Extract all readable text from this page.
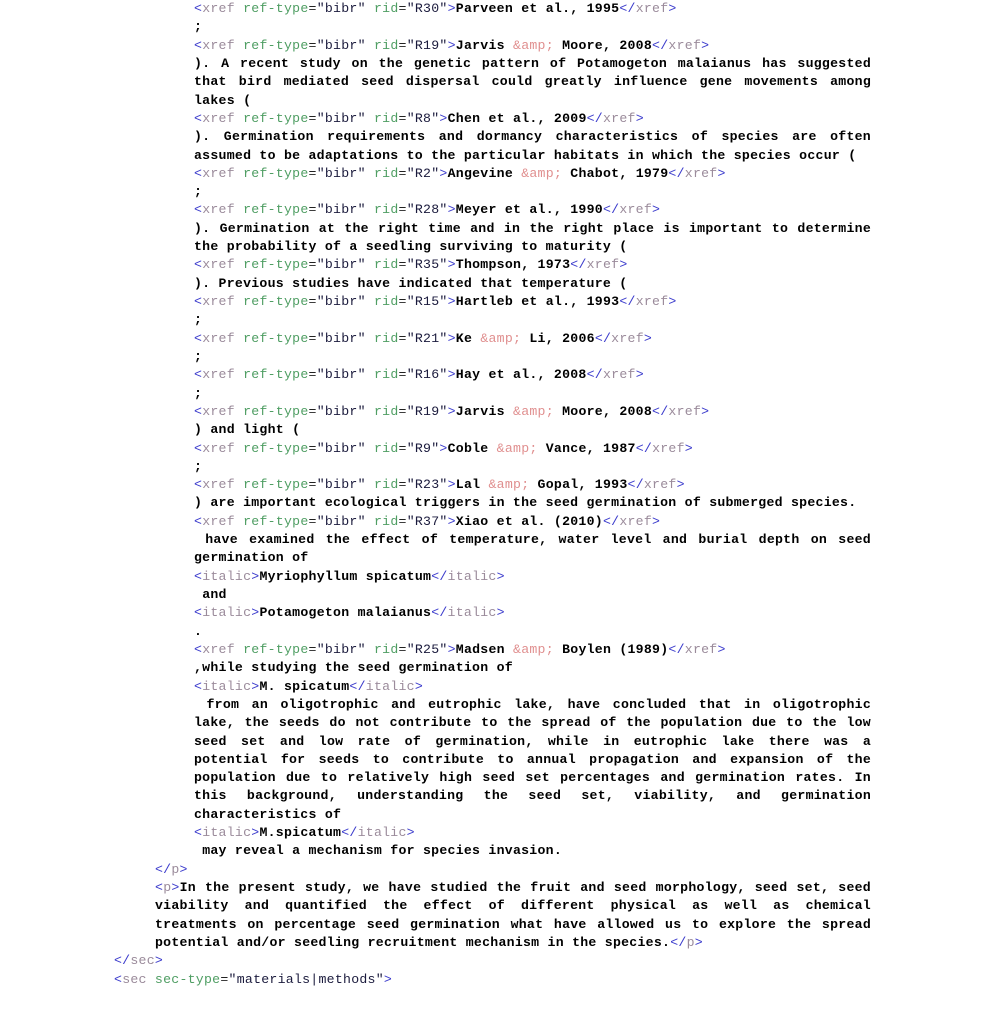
<xref ref-type="bibr" rid="R30">Parveen et al., 1995</xref>
;
<xref ref-type="bibr" rid="R19">Jarvis &amp; Moore, 2008</xref>
). A recent study on the genetic pattern of Potamogeton malaianus has suggested that bird mediated seed dispersal could greatly influence gene movements among lakes (
<xref ref-type="bibr" rid="R8">Chen et al., 2009</xref>
). Germination requirements and dormancy characteristics of species are often assumed to be adaptations to the particular habitats in which the species occur (
<xref ref-type="bibr" rid="R2">Angevine &amp; Chabot, 1979</xref>
;
<xref ref-type="bibr" rid="R28">Meyer et al., 1990</xref>
). Germination at the right time and in the right place is important to determine the probability of a seedling surviving to maturity (
<xref ref-type="bibr" rid="R35">Thompson, 1973</xref>
). Previous studies have indicated that temperature (
<xref ref-type="bibr" rid="R15">Hartleb et al., 1993</xref>
;
<xref ref-type="bibr" rid="R21">Ke &amp; Li, 2006</xref>
;
<xref ref-type="bibr" rid="R16">Hay et al., 2008</xref>
;
<xref ref-type="bibr" rid="R19">Jarvis &amp; Moore, 2008</xref>
) and light (
<xref ref-type="bibr" rid="R9">Coble &amp; Vance, 1987</xref>
;
<xref ref-type="bibr" rid="R23">Lal &amp; Gopal, 1993</xref>
) are important ecological triggers in the seed germination of submerged species.
<xref ref-type="bibr" rid="R37">Xiao et al. (2010)</xref>
have examined the effect of temperature, water level and burial depth on seed germination of
<italic>Myriophyllum spicatum</italic>
and
<italic>Potamogeton malaianus</italic>
.
<xref ref-type="bibr" rid="R25">Madsen &amp; Boylen (1989)</xref>
,while studying the seed germination of
<italic>M. spicatum</italic>
from an oligotrophic and eutrophic lake, have concluded that in oligotrophic lake, the seeds do not contribute to the spread of the population due to the low seed set and low rate of germination, while in eutrophic lake there was a potential for seeds to contribute to annual propagation and expansion of the population due to relatively high seed set percentages and germination rates. In this background, understanding the seed set, viability, and germination characteristics of
<italic>M.spicatum</italic>
may reveal a mechanism for species invasion.
</p>
<p>In the present study, we have studied the fruit and seed morphology, seed set, seed viability and quantified the effect of different physical as well as chemical treatments on percentage seed germination what have allowed us to explore the spread potential and/or seedling recruitment mechanism in the species.</p>
</sec>
<sec sec-type="materials|methods">
